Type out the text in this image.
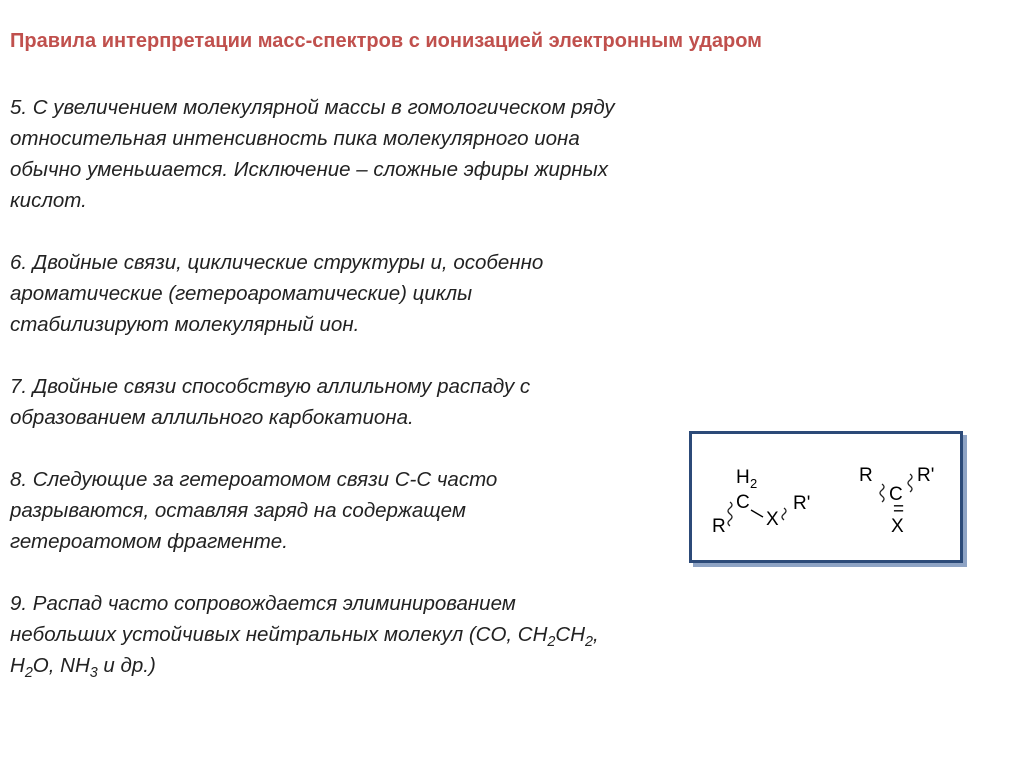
Правила интерпретации масс-спектров с ионизацией электронным ударом
5. С увеличением молекулярной массы в гомологическом ряду
относительная интенсивность пика молекулярного иона
обычно уменьшается. Исключение – сложные эфиры жирных
кислот.
6. Двойные связи, циклические структуры и, особенно
ароматические (гетероароматические) циклы
стабилизируют молекулярный ион.
7. Двойные связи способствую аллильному распаду с
образованием аллильного карбокатиона.
8. Следующие за гетероатомом связи С-С часто
разрываются, оставляя заряд на содержащем
гетероатомом фрагменте.
9. Распад часто сопровождается элиминированием
небольших устойчивых нейтральных молекул (CO, $CH_2CH_2$,
$H_2O$, $NH_3$ и др.)
H 2
C
R X
R'
R
C
R'
=
X
